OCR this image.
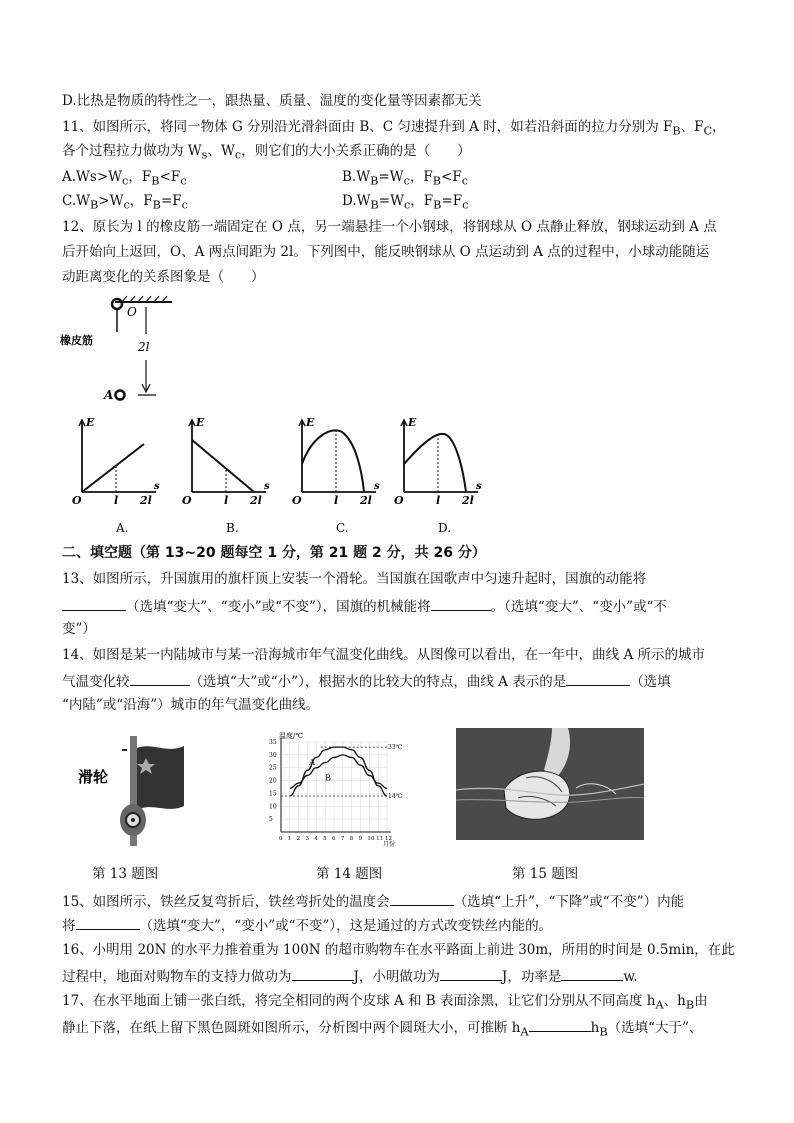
D.比热是物质的特性之一，跟热量、质量、温度的变化量等因素都无关
11、如图所示，将同一物体 G 分别沿光滑斜面由 B、C 匀速提升到 A 时，如若沿斜面的拉力分别为 $F_B$、$F_C$，
各个过程拉力做功为 $W_s$、$W_c$，则它们的大小关系正确的是（　　）
$A.Ws>W_c$，$F_B<F_c$	$B.W_B=W_c$，$F_B<F_c$
$C.W_B>W_c$，$F_B=F_c$	$D.W_B=W_c$，$F_B=F_c$
12、原长为 l 的橡皮筋一端固定在 O 点，另一端悬挂一个小钢球，将钢球从 O 点静止释放，钢球运动到 A 点
后开始向上返回，O、A 两点间距为 2l。下列图中，能反映钢球从 O 点运动到 A 点的过程中，小球动能随运
动距离变化的关系图象是（　　）
O
橡皮筋	2l
A
E
s
O	l 2l
A.
E
s
O	l 2l
B.
E
s
O	l 2l
C.
E
s
O	l 2l
D.
二、填空题（第 13~20 题每空 1 分，第 21 题 2 分，共 26 分）
13、如图所示，升国旗用的旗杆顶上安装一个滑轮。当国旗在国歌声中匀速升起时，国旗的动能将
（选填“变大”、“变小”或“不变”），国旗的机械能将	。（选填“变大”、“变小”或“不
变”）
14、如图是某一内陆城市与某一沿海城市年气温变化曲线。从图像可以看出，在一年中，曲线 A 所示的城市
气温变化较	（选填“大”或“小”），根据水的比较大的特点，曲线 A 表示的是	（选填
“内陆”或“沿海”）城市的年气温变化曲线。
滑轮
温度/℃
月份
35
30
25
20
15
10
5
0 1 2 3 4 5 6 7 8 9 10 11 12
33℃
14℃
A
B
第 13 题图	第 14 题图	第 15 题图
15、如图所示，铁丝反复弯折后，铁丝弯折处的温度会	（选填“上升”，“下降”或“不变”）内能
将	（选填“变大”，“变小”或“不变”），这是通过的方式改变铁丝内能的。
16、小明用 20N 的水平力推着重为 100N 的超市购物车在水平路面上前进 30m，所用的时间是 0.5min，在此
过程中，地面对购物车的支持力做功为	J，小明做功为	J，功率是	w.
17、在水平地面上铺一张白纸，将完全相同的两个皮球 A 和 B 表面涂黑，让它们分别从不同高度 $h_A$、$h_B$由
静止下落，在纸上留下黑色圆斑如图所示，分析图中两个圆斑大小，可推断 $h_A$	$h_B$（选填“大于”、
